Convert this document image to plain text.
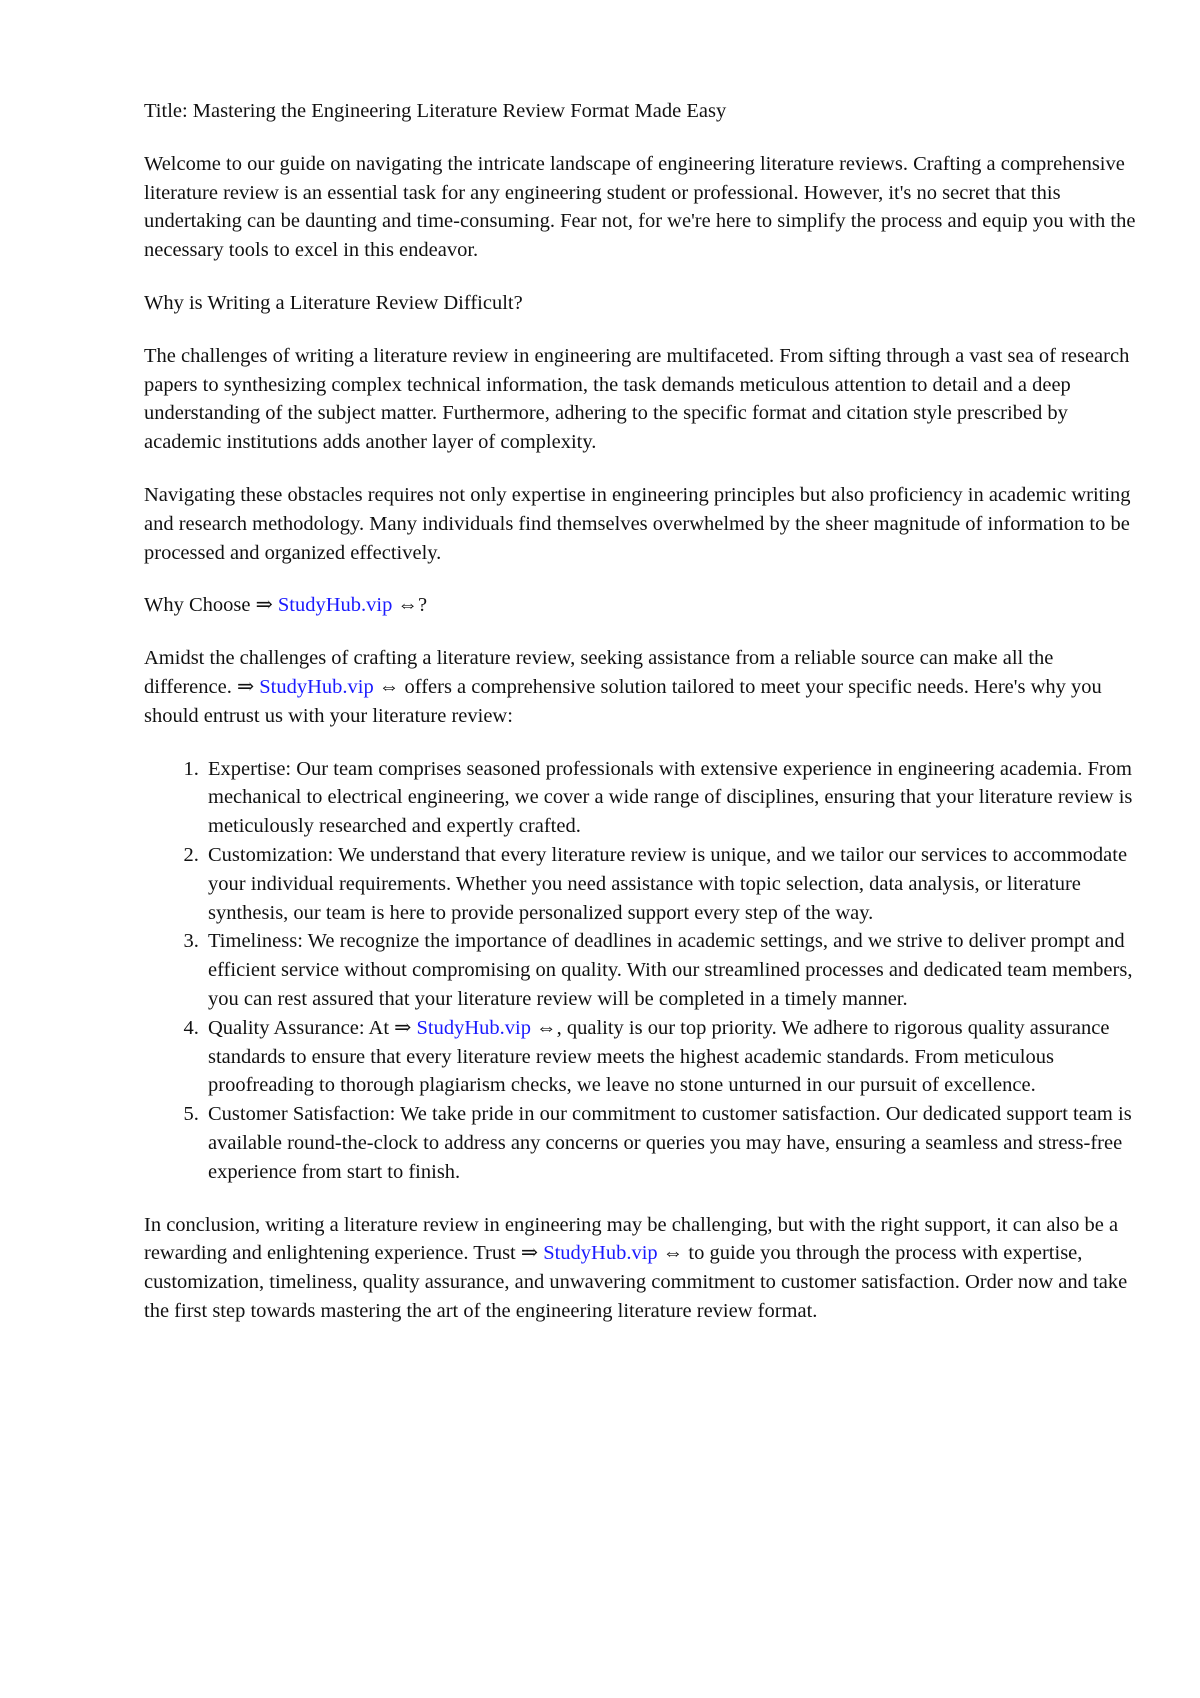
Title: Mastering the Engineering Literature Review Format Made Easy

Welcome to our guide on navigating the intricate landscape of engineering literature reviews. Crafting a comprehensive literature review is an essential task for any engineering student or professional. However, it's no secret that this undertaking can be daunting and time-consuming. Fear not, for we're here to simplify the process and equip you with the necessary tools to excel in this endeavor.

Why is Writing a Literature Review Difficult?

The challenges of writing a literature review in engineering are multifaceted. From sifting through a vast sea of research papers to synthesizing complex technical information, the task demands meticulous attention to detail and a deep understanding of the subject matter. Furthermore, adhering to the specific format and citation style prescribed by academic institutions adds another layer of complexity.

Navigating these obstacles requires not only expertise in engineering principles but also proficiency in academic writing and research methodology. Many individuals find themselves overwhelmed by the sheer magnitude of information to be processed and organized effectively.

Why Choose ⇒ StudyHub.vip ⇔?

Amidst the challenges of crafting a literature review, seeking assistance from a reliable source can make all the difference. ⇒ StudyHub.vip ⇔ offers a comprehensive solution tailored to meet your specific needs. Here's why you should entrust us with your literature review:

1. Expertise: Our team comprises seasoned professionals with extensive experience in engineering academia. From mechanical to electrical engineering, we cover a wide range of disciplines, ensuring that your literature review is meticulously researched and expertly crafted.
2. Customization: We understand that every literature review is unique, and we tailor our services to accommodate your individual requirements. Whether you need assistance with topic selection, data analysis, or literature synthesis, our team is here to provide personalized support every step of the way.
3. Timeliness: We recognize the importance of deadlines in academic settings, and we strive to deliver prompt and efficient service without compromising on quality. With our streamlined processes and dedicated team members, you can rest assured that your literature review will be completed in a timely manner.
4. Quality Assurance: At ⇒ StudyHub.vip ⇔, quality is our top priority. We adhere to rigorous quality assurance standards to ensure that every literature review meets the highest academic standards. From meticulous proofreading to thorough plagiarism checks, we leave no stone unturned in our pursuit of excellence.
5. Customer Satisfaction: We take pride in our commitment to customer satisfaction. Our dedicated support team is available round-the-clock to address any concerns or queries you may have, ensuring a seamless and stress-free experience from start to finish.

In conclusion, writing a literature review in engineering may be challenging, but with the right support, it can also be a rewarding and enlightening experience. Trust ⇒ StudyHub.vip ⇔ to guide you through the process with expertise, customization, timeliness, quality assurance, and unwavering commitment to customer satisfaction. Order now and take the first step towards mastering the art of the engineering literature review format.
